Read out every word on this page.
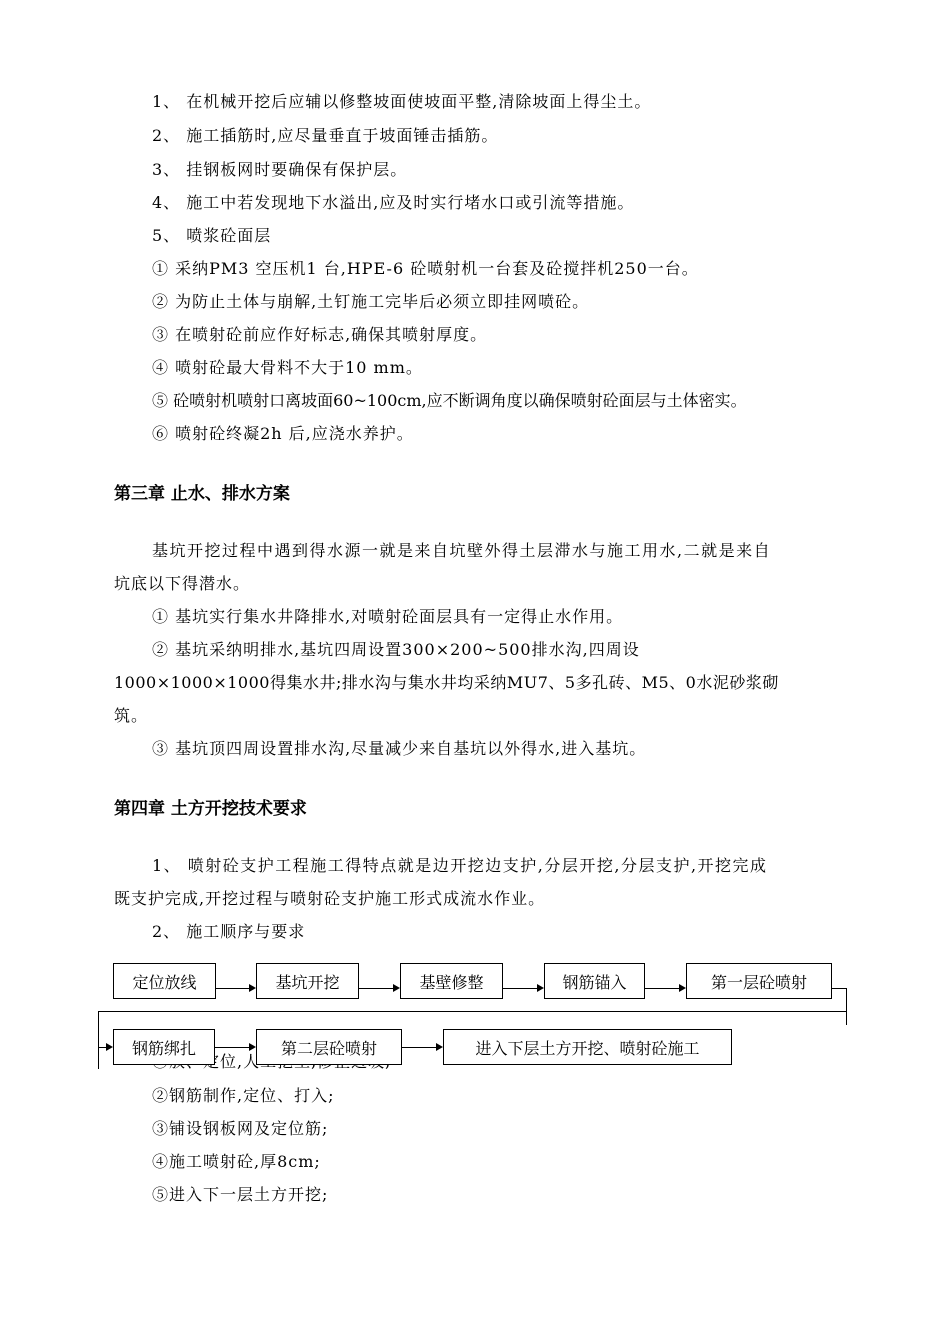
1、 在机械开挖后应辅以修整坡面使坡面平整,清除坡面上得尘土。
2、 施工插筋时,应尽量垂直于坡面锤击插筋。
3、 挂钢板网时要确保有保护层。
4、 施工中若发现地下水溢出,应及时实行堵水口或引流等措施。
5、 喷浆砼面层
① 采纳PM3 空压机1 台,HPE-6 砼喷射机一台套及砼搅拌机250一台。
② 为防止土体与崩解,土钉施工完毕后必须立即挂网喷砼。
③ 在喷射砼前应作好标志,确保其喷射厚度。
④ 喷射砼最大骨料不大于10 mm。
⑤ 砼喷射机喷射口离坡面60~100cm,应不断调角度以确保喷射砼面层与土体密实。
⑥ 喷射砼终凝2h 后,应浇水养护。
第三章 止水、排水方案
基坑开挖过程中遇到得水源一就是来自坑壁外得土层滞水与施工用水,二就是来自
坑底以下得潜水。
① 基坑实行集水井降排水,对喷射砼面层具有一定得止水作用。
② 基坑采纳明排水,基坑四周设置300×200~500排水沟,四周设
1000×1000×1000得集水井;排水沟与集水井均采纳MU7、5多孔砖、M5、0水泥砂浆砌
筑。
③ 基坑顶四周设置排水沟,尽量减少来自基坑以外得水,进入基坑。
第四章 土方开挖技术要求
1、 喷射砼支护工程施工得特点就是边开挖边支护,分层开挖,分层支护,开挖完成
既支护完成,开挖过程与喷射砼支护施工形式成流水作业。
2、 施工顺序与要求
定位放线	基坑开挖	基壁修整	钢筋锚入	第一层砼喷射
钢筋绑扎	第二层砼喷射	进入下层土方开挖、喷射砼施工
②钢筋制作,定位、打入;
③铺设钢板网及定位筋;
④施工喷射砼,厚8cm;
⑤进入下一层土方开挖;
